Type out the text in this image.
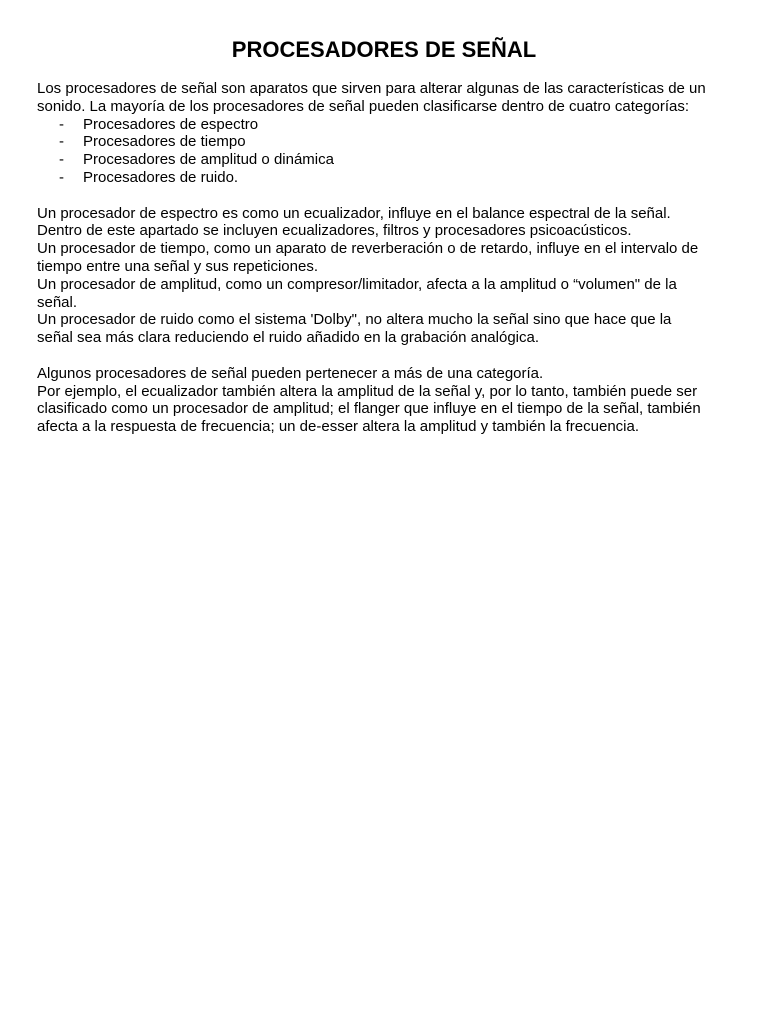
PROCESADORES DE SEÑAL
Los procesadores de señal son aparatos que sirven para alterar algunas de las características de un
sonido. La mayoría de los procesadores de señal pueden clasificarse dentro de cuatro categorías:
- Procesadores de espectro
- Procesadores de tiempo
- Procesadores de amplitud o dinámica
- Procesadores de ruido.
Un procesador de espectro es como un ecualizador, influye en el balance espectral de la señal.
Dentro de este apartado se incluyen ecualizadores, filtros y procesadores psicoacústicos.
Un procesador de tiempo, como un aparato de reverberación o de retardo, influye en el intervalo de
tiempo entre una señal y sus repeticiones.
Un procesador de amplitud, como un compresor/limitador, afecta a la amplitud o “volumen" de la
señal.
Un procesador de ruido como el sistema 'Dolby", no altera mucho la señal sino que hace que la
señal sea más clara reduciendo el ruido añadido en la grabación analógica.
Algunos procesadores de señal pueden pertenecer a más de una categoría.
Por ejemplo, el ecualizador también altera la amplitud de la señal y, por lo tanto, también puede ser
clasificado como un procesador de amplitud; el flanger que influye en el tiempo de la señal, también
afecta a la respuesta de frecuencia; un de-esser altera la amplitud y también la frecuencia.
